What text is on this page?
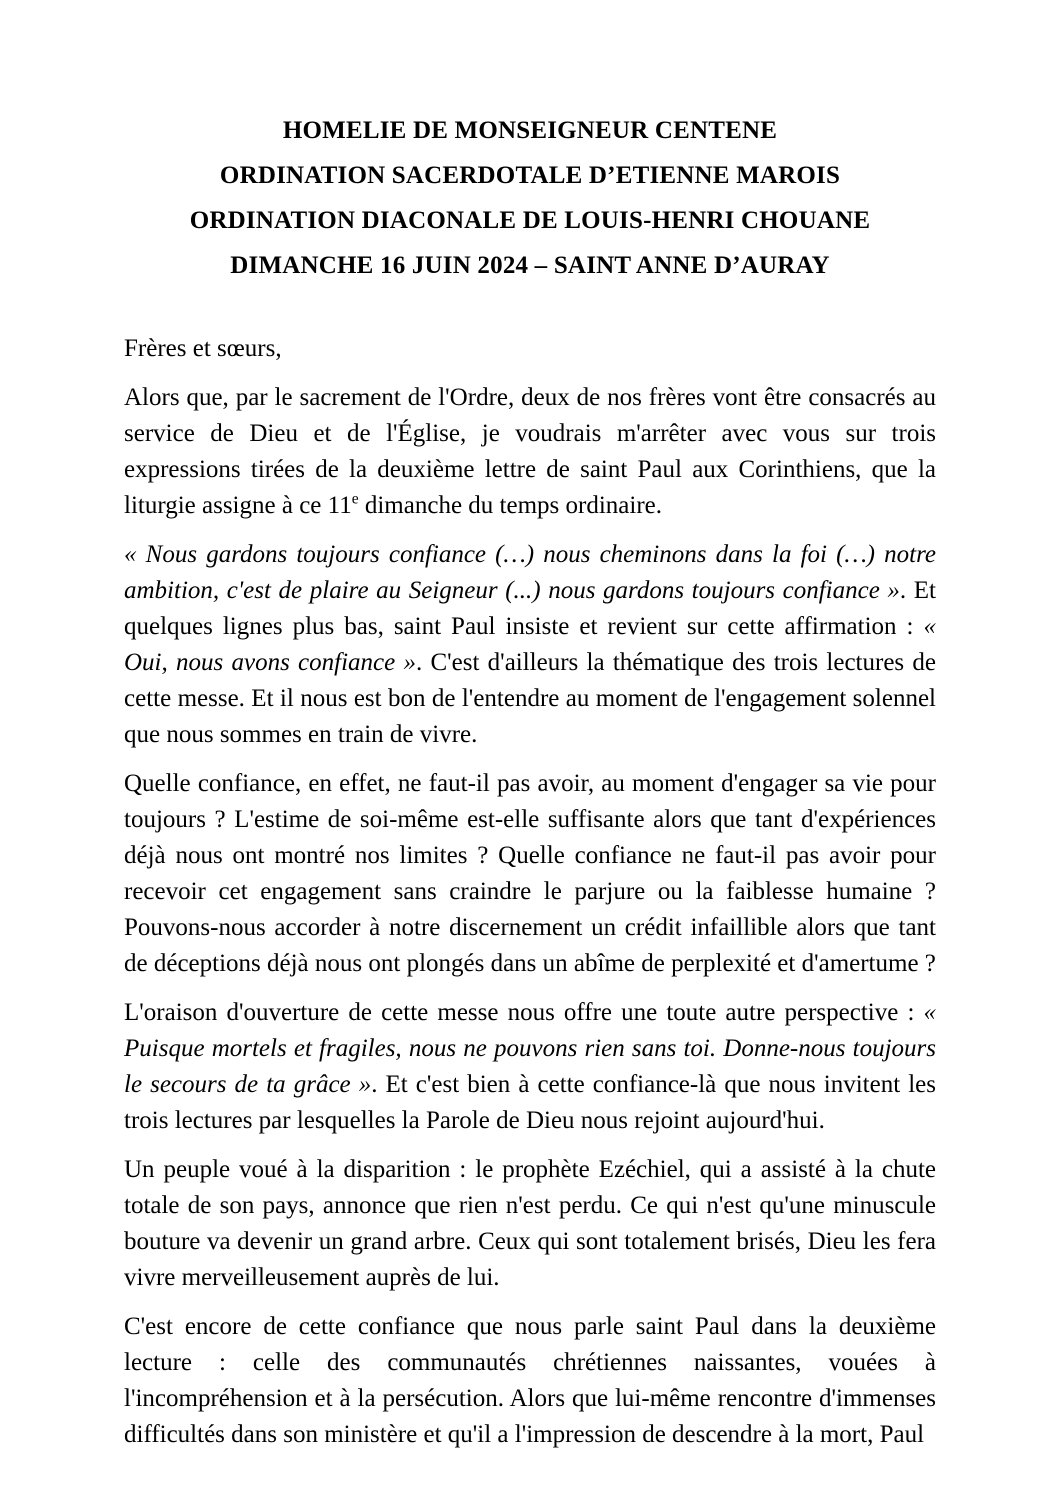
HOMELIE DE MONSEIGNEUR CENTENE

ORDINATION SACERDOTALE D’ETIENNE MAROIS

ORDINATION DIACONALE DE LOUIS-HENRI CHOUANE

DIMANCHE 16 JUIN 2024 – SAINT ANNE D’AURAY

Frères et sœurs,

Alors que, par le sacrement de l'Ordre, deux de nos frères vont être consacrés au service de Dieu et de l'Église, je voudrais m'arrêter avec vous sur trois expressions tirées de la deuxième lettre de saint Paul aux Corinthiens, que la liturgie assigne à ce 11e dimanche du temps ordinaire.

« Nous gardons toujours confiance (…) nous cheminons dans la foi (…) notre ambition, c'est de plaire au Seigneur (...) nous gardons toujours confiance ». Et quelques lignes plus bas, saint Paul insiste et revient sur cette affirmation : « Oui, nous avons confiance ». C'est d'ailleurs la thématique des trois lectures de cette messe. Et il nous est bon de l'entendre au moment de l'engagement solennel que nous sommes en train de vivre.

Quelle confiance, en effet, ne faut-il pas avoir, au moment d'engager sa vie pour toujours ? L'estime de soi-même est-elle suffisante alors que tant d'expériences déjà nous ont montré nos limites ? Quelle confiance ne faut-il pas avoir pour recevoir cet engagement sans craindre le parjure ou la faiblesse humaine ? Pouvons-nous accorder à notre discernement un crédit infaillible alors que tant de déceptions déjà nous ont plongés dans un abîme de perplexité et d'amertume ?

L'oraison d'ouverture de cette messe nous offre une toute autre perspective : « Puisque mortels et fragiles, nous ne pouvons rien sans toi. Donne-nous toujours le secours de ta grâce ». Et c'est bien à cette confiance-là que nous invitent les trois lectures par lesquelles la Parole de Dieu nous rejoint aujourd'hui.

Un peuple voué à la disparition : le prophète Ezéchiel, qui a assisté à la chute totale de son pays, annonce que rien n'est perdu. Ce qui n'est qu'une minuscule bouture va devenir un grand arbre. Ceux qui sont totalement brisés, Dieu les fera vivre merveilleusement auprès de lui.

C'est encore de cette confiance que nous parle saint Paul dans la deuxième lecture : celle des communautés chrétiennes naissantes, vouées à l'incompréhension et à la persécution. Alors que lui-même rencontre d'immenses difficultés dans son ministère et qu'il a l'impression de descendre à la mort, Paul
